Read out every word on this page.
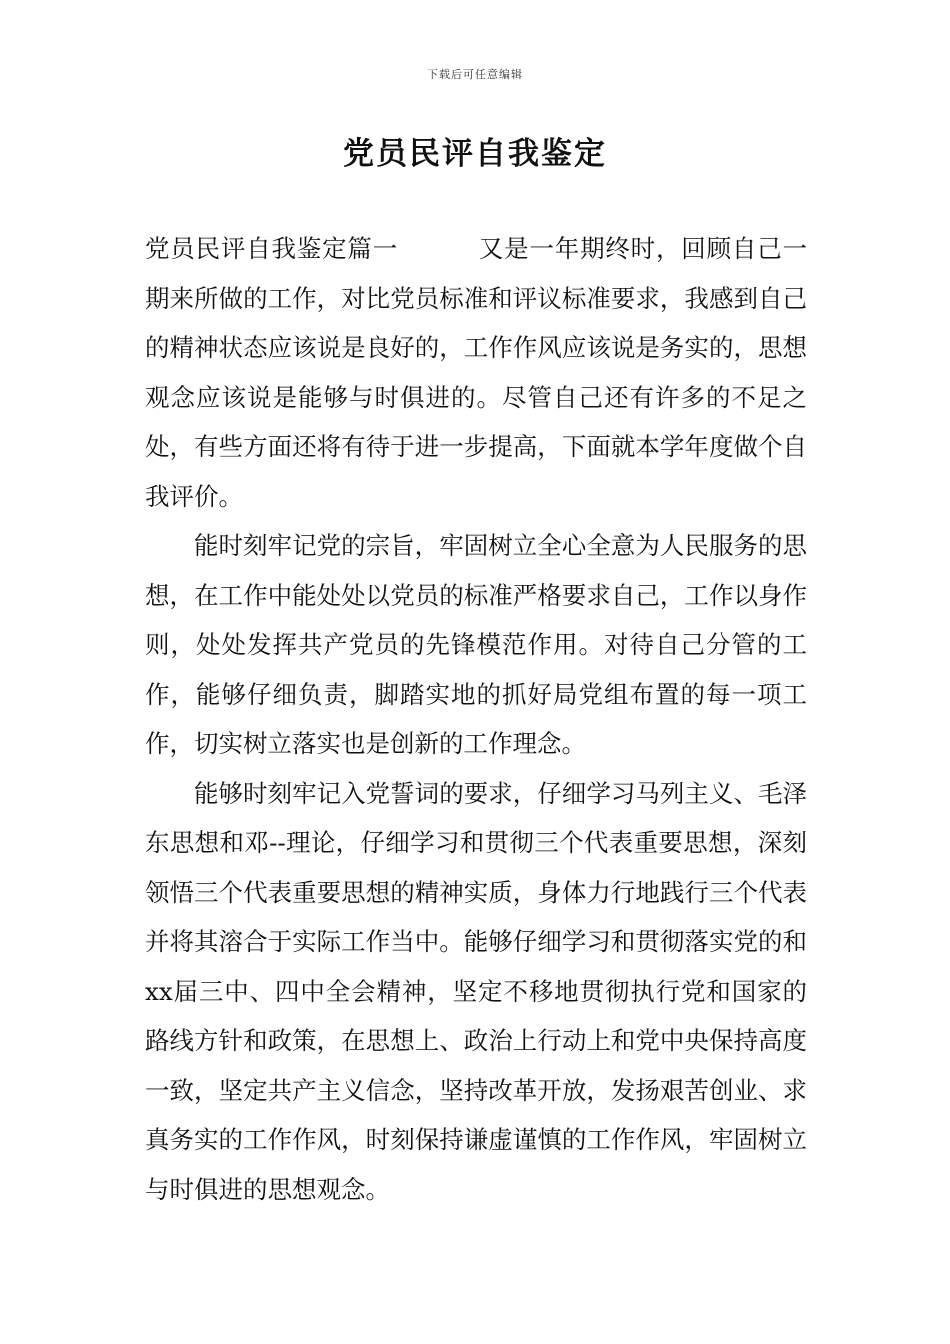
下载后可任意编辑
党员民评自我鉴定

党员民评自我鉴定篇一	又是一年期终时，回顾自己一期来所做的工作，对比党员标准和评议标准要求，我感到自己的精神状态应该说是良好的，工作作风应该说是务实的，思想观念应该说是能够与时俱进的。尽管自己还有许多的不足之处，有些方面还将有待于进一步提高，下面就本学年度做个自我评价。

能时刻牢记党的宗旨，牢固树立全心全意为人民服务的思想，在工作中能处处以党员的标准严格要求自己，工作以身作则，处处发挥共产党员的先锋模范作用。对待自己分管的工作，能够仔细负责，脚踏实地的抓好局党组布置的每一项工作，切实树立落实也是创新的工作理念。

能够时刻牢记入党誓词的要求，仔细学习马列主义、毛泽东思想和邓--理论，仔细学习和贯彻三个代表重要思想，深刻领悟三个代表重要思想的精神实质，身体力行地践行三个代表并将其溶合于实际工作当中。能够仔细学习和贯彻落实党的和xx届三中、四中全会精神，坚定不移地贯彻执行党和国家的路线方针和政策，在思想上、政治上行动上和党中央保持高度一致，坚定共产主义信念，坚持改革开放，发扬艰苦创业、求真务实的工作作风，时刻保持谦虚谨慎的工作作风，牢固树立与时俱进的思想观念。
